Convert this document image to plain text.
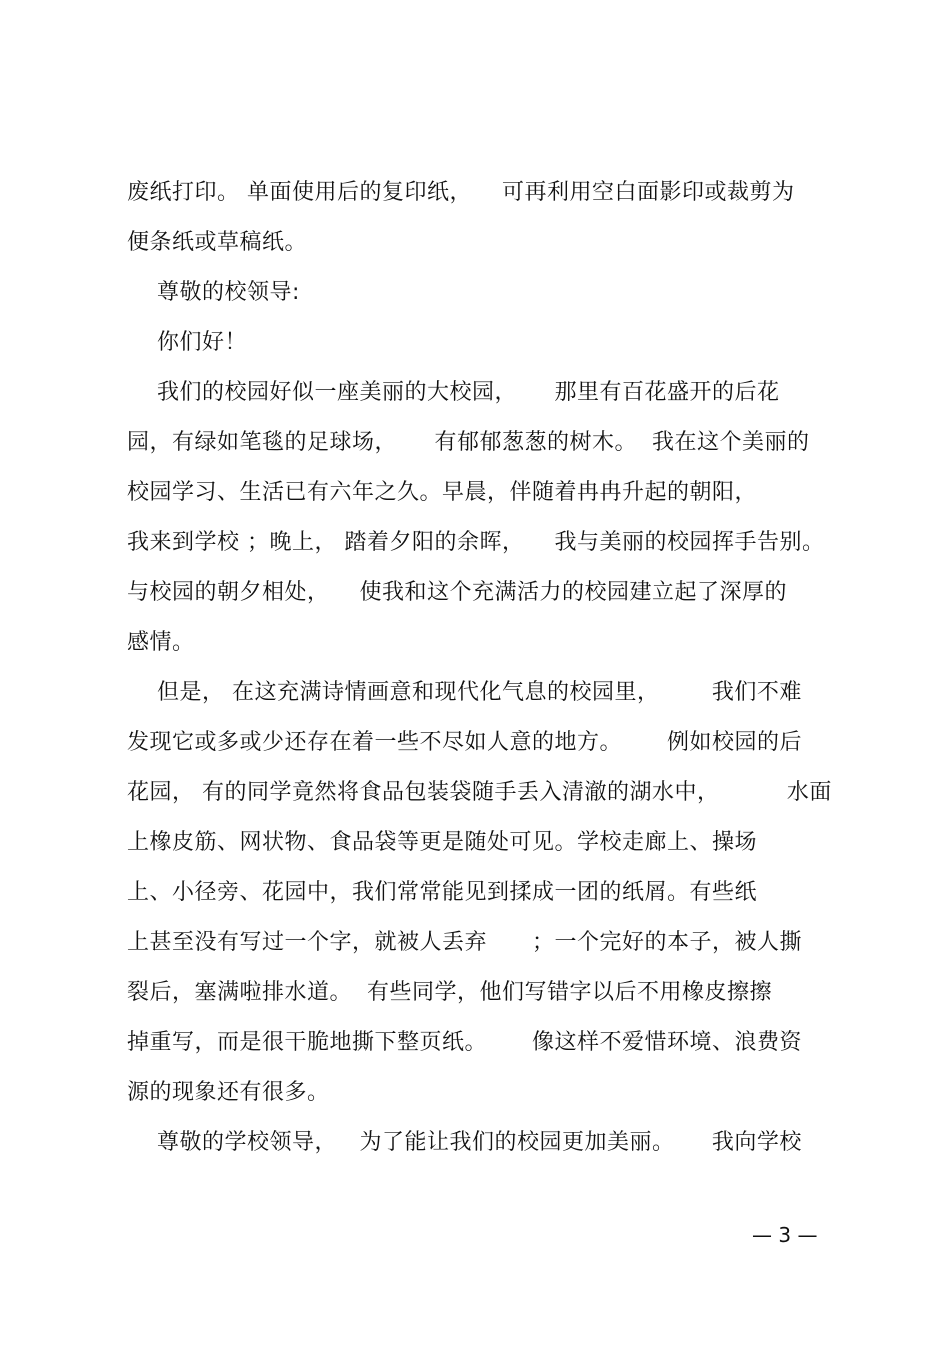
废纸打印。 单面使用后的复印纸，    可再利用空白面影印或裁剪为
便条纸或草稿纸。
尊敬的校领导:
你们好！
我们的校园好似一座美丽的大校园，     那里有百花盛开的后花
园，有绿如笔毯的足球场，     有郁郁葱葱的树木。  我在这个美丽的
校园学习、生活已有六年之久。早晨，伴随着冉冉升起的朝阳，
我来到学校 ；晚上， 踏着夕阳的余晖，    我与美丽的校园挥手告别。
与校园的朝夕相处，    使我和这个充满活力的校园建立起了深厚的
感情。
但是， 在这充满诗情画意和现代化气息的校园里，       我们不难
发现它或多或少还存在着一些不尽如人意的地方。      例如校园的后
花园， 有的同学竟然将食品包装袋随手丢入清澈的湖水中，         水面
上橡皮筋、网状物、食品袋等更是随处可见。学校走廊上、操场
上、小径旁、花园中，我们常常能见到揉成一团的纸屑。有些纸
上甚至没有写过一个字，就被人丢弃      ；一个完好的本子，被人撕
裂后，塞满啦排水道。  有些同学，他们写错字以后不用橡皮擦擦
掉重写，而是很干脆地撕下整页纸。      像这样不爱惜环境、浪费资
源的现象还有很多。
尊敬的学校领导，   为了能让我们的校园更加美丽。     我向学校
— 3 —
